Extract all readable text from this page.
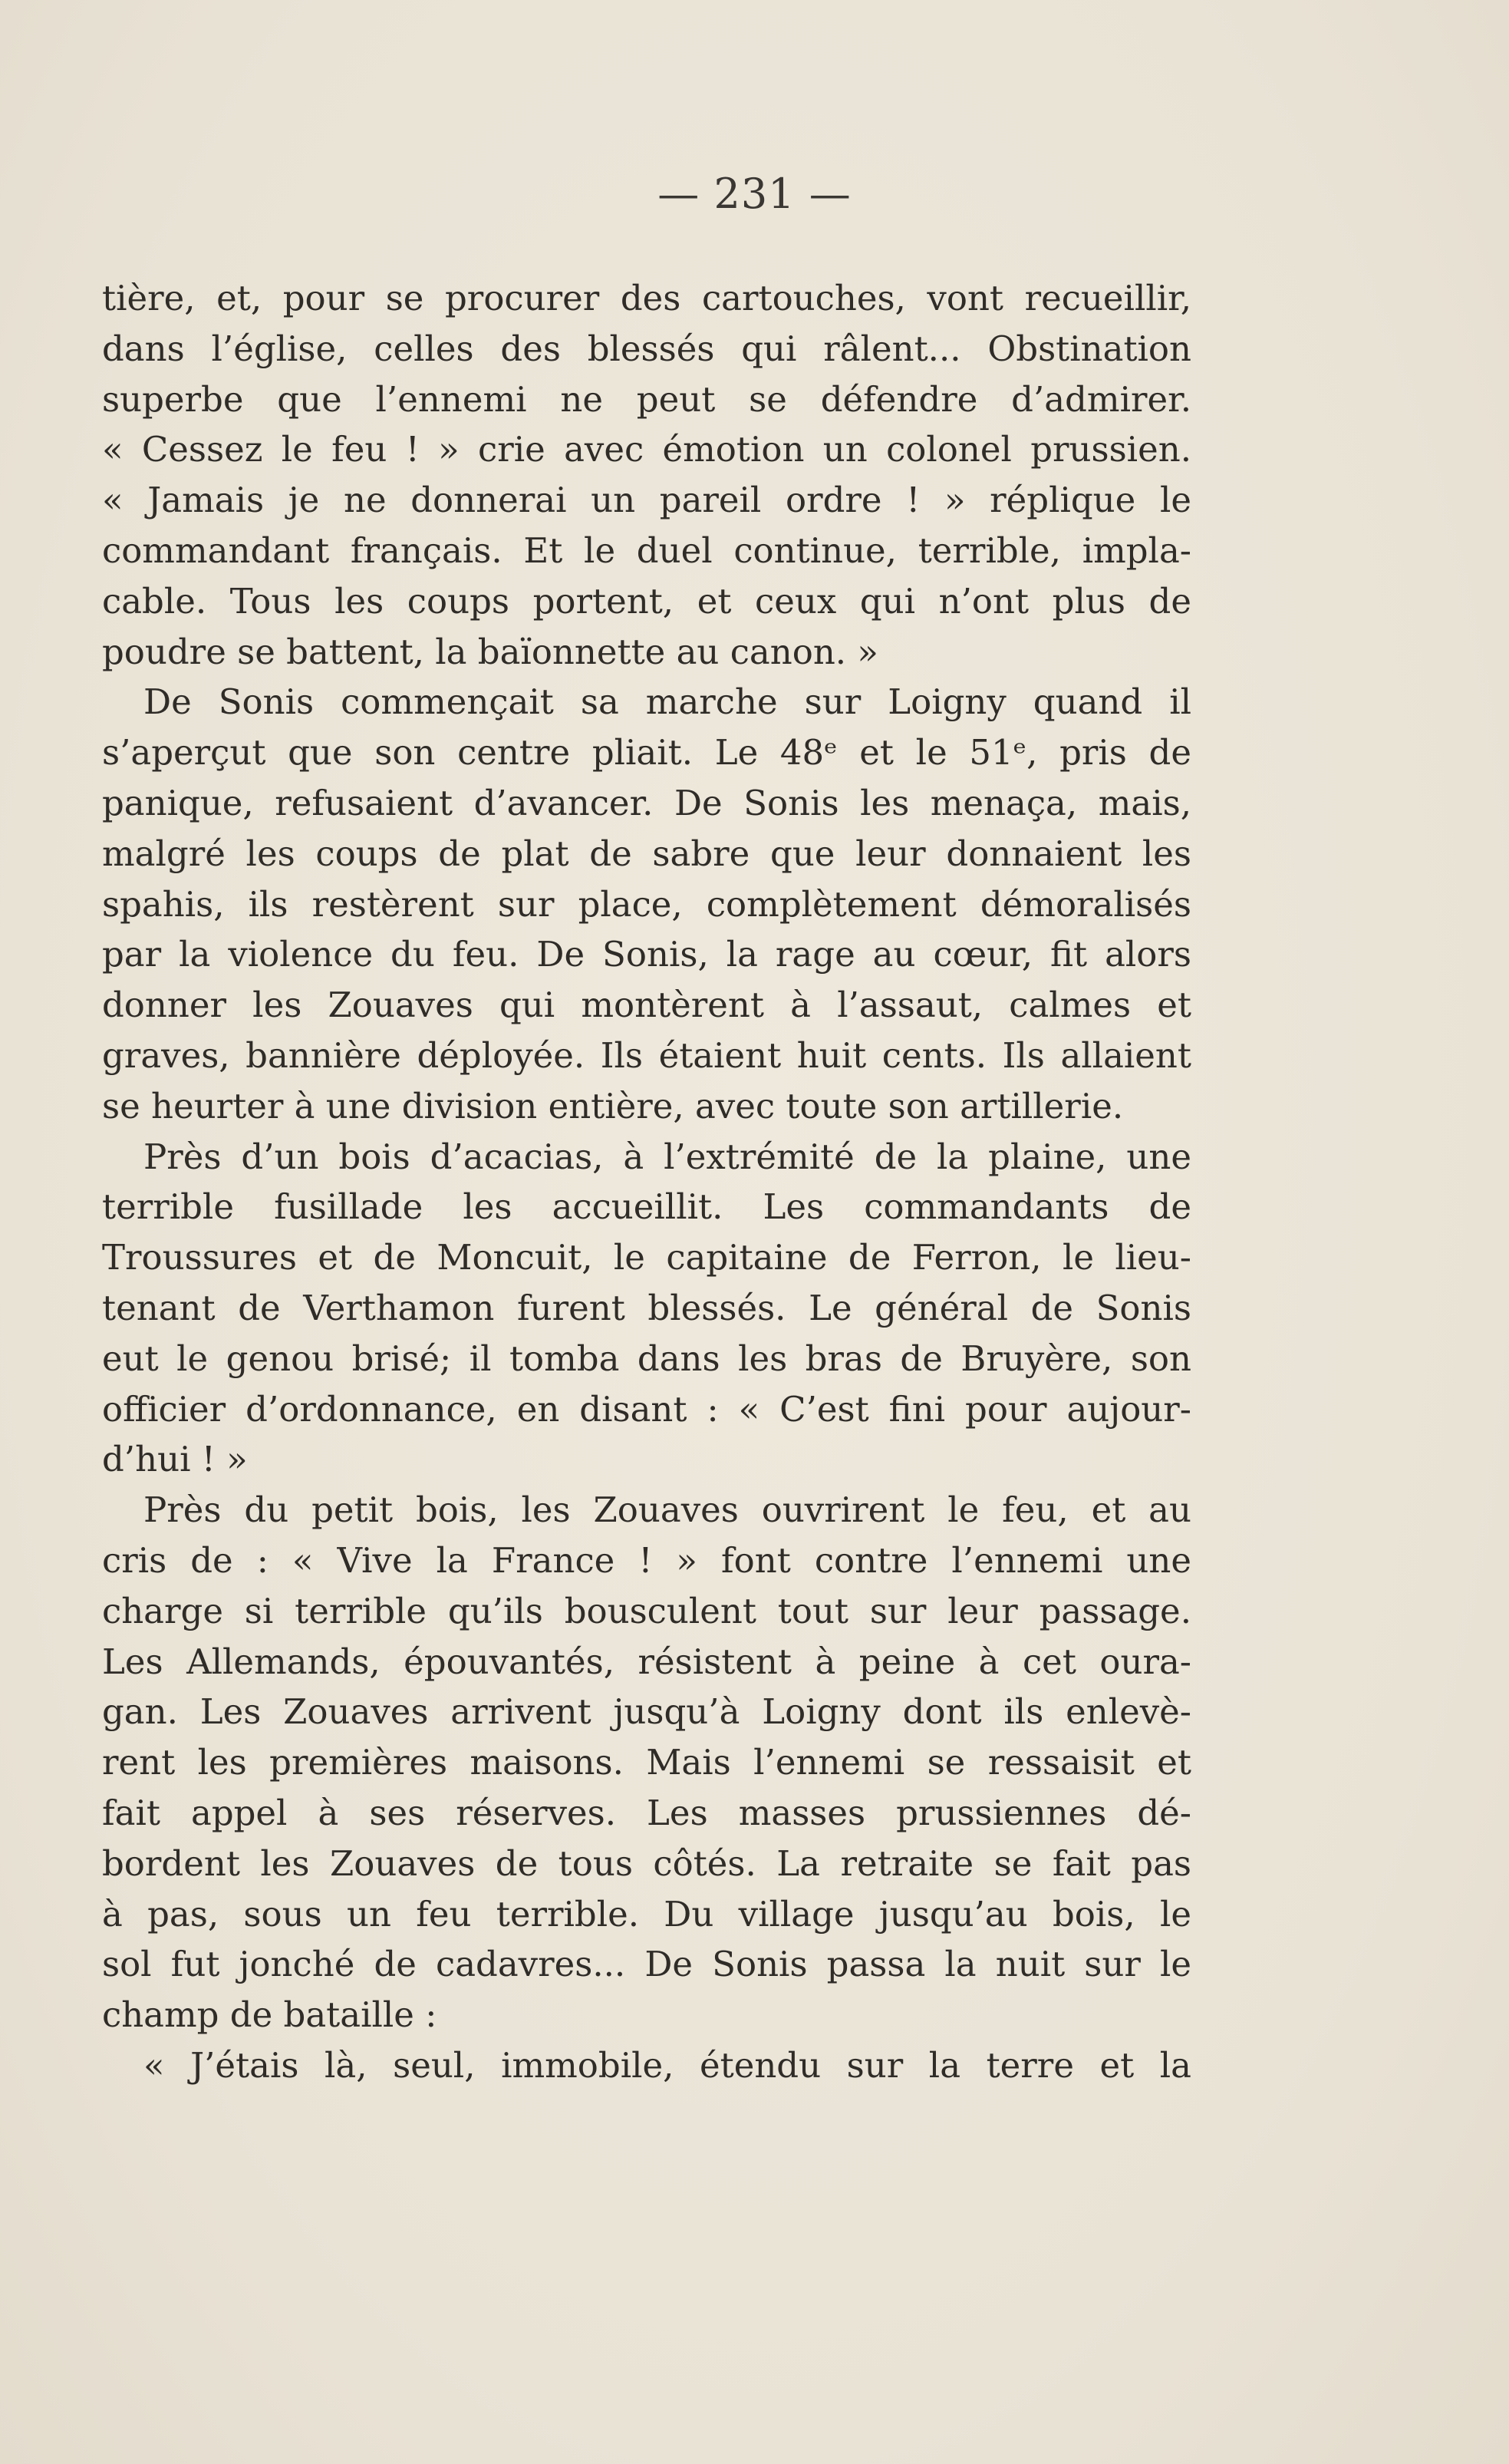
— 231 —
tière, et, pour se procurer des cartouches, vont recueillir,
dans l’église, celles des blessés qui râlent... Obstination
superbe que l’ennemi ne peut se défendre d’admirer.
« Cessez le feu ! » crie avec émotion un colonel prussien.
« Jamais je ne donnerai un pareil ordre ! » réplique le
commandant français. Et le duel continue, terrible, impla-
cable. Tous les coups portent, et ceux qui n’ont plus de
poudre se battent, la baïonnette au canon. »
De Sonis commençait sa marche sur Loigny quand il
s’aperçut que son centre pliait. Le 48ᵉ et le 51ᵉ, pris de
panique, refusaient d’avancer. De Sonis les menaça, mais,
malgré les coups de plat de sabre que leur donnaient les
spahis, ils restèrent sur place, complètement démoralisés
par la violence du feu. De Sonis, la rage au cœur, fit alors
donner les Zouaves qui montèrent à l’assaut, calmes et
graves, bannière déployée. Ils étaient huit cents. Ils allaient
se heurter à une division entière, avec toute son artillerie.
Près d’un bois d’acacias, à l’extrémité de la plaine, une
terrible fusillade les accueillit. Les commandants de
Troussures et de Moncuit, le capitaine de Ferron, le lieu-
tenant de Verthamon furent blessés. Le général de Sonis
eut le genou brisé; il tomba dans les bras de Bruyère, son
officier d’ordonnance, en disant : « C’est fini pour aujour-
d’hui ! »
Près du petit bois, les Zouaves ouvrirent le feu, et au
cris de : « Vive la France ! » font contre l’ennemi une
charge si terrible qu’ils bousculent tout sur leur passage.
Les Allemands, épouvantés, résistent à peine à cet oura-
gan. Les Zouaves arrivent jusqu’à Loigny dont ils enlevè-
rent les premières maisons. Mais l’ennemi se ressaisit et
fait appel à ses réserves. Les masses prussiennes dé-
bordent les Zouaves de tous côtés. La retraite se fait pas
à pas, sous un feu terrible. Du village jusqu’au bois, le
sol fut jonché de cadavres... De Sonis passa la nuit sur le
champ de bataille :
« J’étais là, seul, immobile, étendu sur la terre et la
